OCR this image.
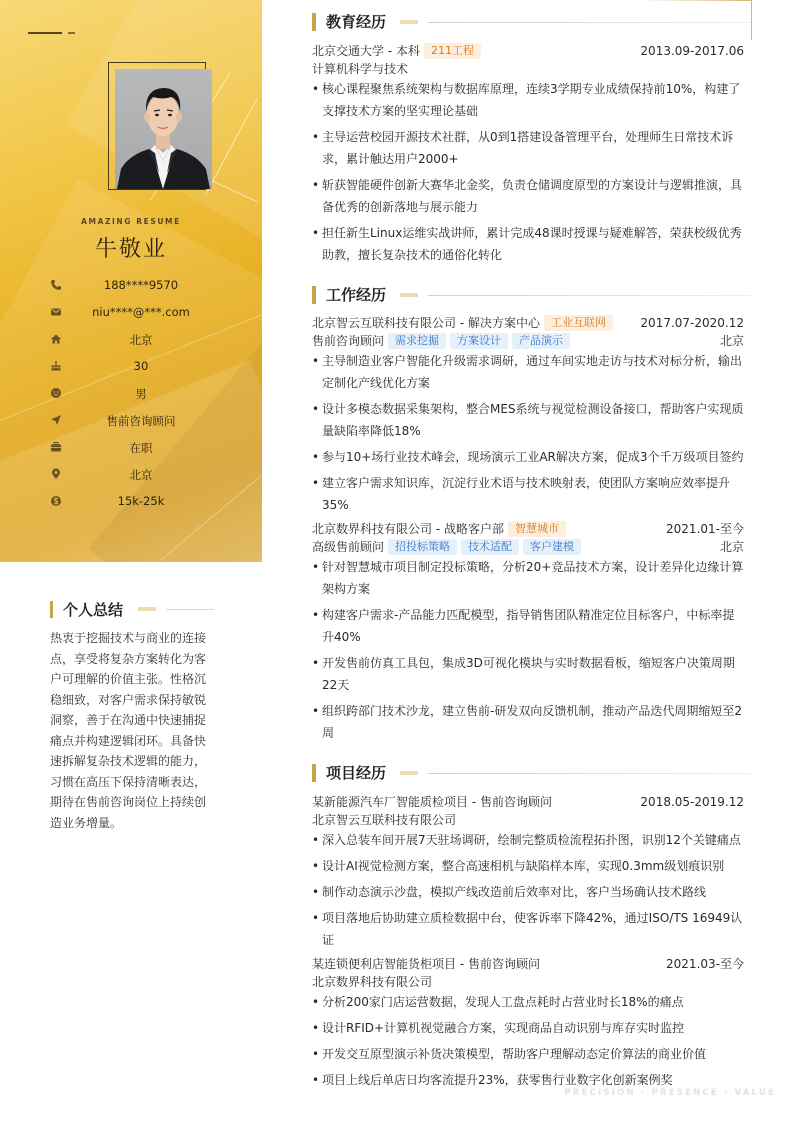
AMAZING RESUME
牛敬业
188****9570
niu****@***.com
北京
30
男
售前咨询顾问
在职
北京
15k-25k
个人总结
热衷于挖掘技术与商业的连接点，享受将复杂方案转化为客户可理解的价值主张。性格沉稳细致，对客户需求保持敏锐洞察，善于在沟通中快速捕捉痛点并构建逻辑闭环。具备快速拆解复杂技术逻辑的能力，习惯在高压下保持清晰表达，期待在售前咨询岗位上持续创造业务增量。
教育经历
北京交通大学 - 本科 211工程	2013.09-2017.06
计算机科学与技术
• 核心课程聚焦系统架构与数据库原理，连续3学期专业成绩保持前10%，构建了支撑技术方案的坚实理论基础
• 主导运营校园开源技术社群，从0到1搭建设备管理平台，处理师生日常技术诉求，累计触达用户2000+
• 斩获智能硬件创新大赛华北金奖，负责仓储调度原型的方案设计与逻辑推演，具备优秀的创新落地与展示能力
• 担任新生Linux运维实战讲师，累计完成48课时授课与疑难解答，荣获校级优秀助教，擅长复杂技术的通俗化转化
工作经历
北京智云互联科技有限公司 - 解决方案中心 工业互联网	2017.07-2020.12
售前咨询顾问 需求挖掘 方案设计 产品演示	北京
• 主导制造业客户智能化升级需求调研，通过车间实地走访与技术对标分析，输出定制化产线优化方案
• 设计多模态数据采集架构，整合MES系统与视觉检测设备接口，帮助客户实现质量缺陷率降低18%
• 参与10+场行业技术峰会，现场演示工业AR解决方案，促成3个千万级项目签约
• 建立客户需求知识库，沉淀行业术语与技术映射表，使团队方案响应效率提升35%
北京数界科技有限公司 - 战略客户部 智慧城市	2021.01-至今
高级售前顾问 招投标策略 技术适配 客户建模	北京
• 针对智慧城市项目制定投标策略，分析20+竞品技术方案，设计差异化边缘计算架构方案
• 构建客户需求-产品能力匹配模型，指导销售团队精准定位目标客户，中标率提升40%
• 开发售前仿真工具包，集成3D可视化模块与实时数据看板，缩短客户决策周期22天
• 组织跨部门技术沙龙，建立售前-研发双向反馈机制，推动产品迭代周期缩短至2周
项目经历
某新能源汽车厂智能质检项目 - 售前咨询顾问	2018.05-2019.12
北京智云互联科技有限公司
• 深入总装车间开展7天驻场调研，绘制完整质检流程拓扑图，识别12个关键痛点
• 设计AI视觉检测方案，整合高速相机与缺陷样本库，实现0.3mm级划痕识别
• 制作动态演示沙盘，模拟产线改造前后效率对比，客户当场确认技术路线
• 项目落地后协助建立质检数据中台，使客诉率下降42%，通过ISO/TS 16949认证
某连锁便利店智能货柜项目 - 售前咨询顾问	2021.03-至今
北京数界科技有限公司
• 分析200家门店运营数据，发现人工盘点耗时占营业时长18%的痛点
• 设计RFID+计算机视觉融合方案，实现商品自动识别与库存实时监控
• 开发交互原型演示补货决策模型，帮助客户理解动态定价算法的商业价值
• 项目上线后单店日均客流提升23%，获零售行业数字化创新案例奖
PRECISION · PRESENCE · VALUE
